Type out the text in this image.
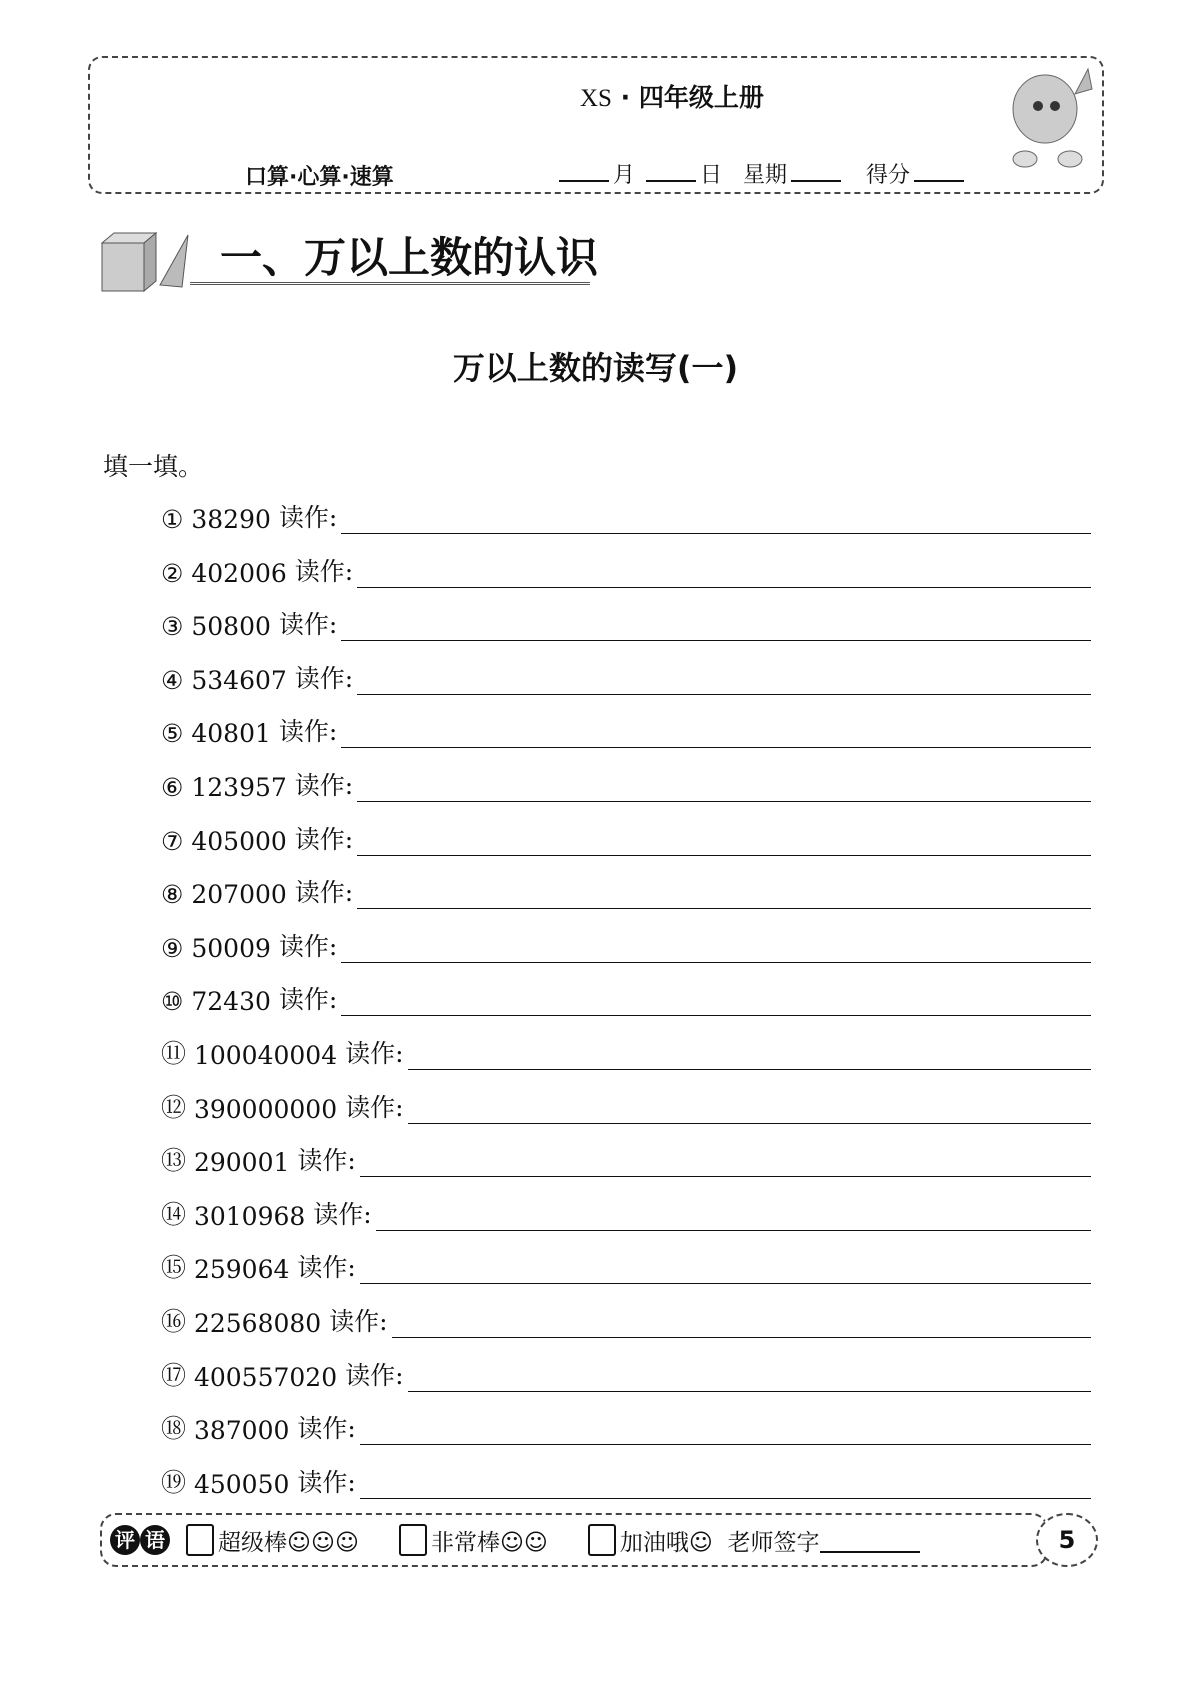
XS · 四年级上册
口算·心算·速算	月	日 星期	得分
一、万以上数的认识
万以上数的读写(一)
填一填。
①
38290
读作:
②
402006
读作:
③
50800
读作:
④
534607
读作:
⑤
40801
读作:
⑥
123957
读作:
⑦
405000
读作:
⑧
207000
读作:
⑨
50009
读作:
⑩
72430
读作:
⑪
100040004
读作:
⑫
390000000
读作:
⑬
290001
读作:
⑭
3010968
读作:
⑮
259064
读作:
⑯
22568080
读作:
⑰
400557020
读作:
⑱
387000
读作:
⑲
450050
读作:
评 语 超级棒☺☺☺	非常棒☺☺	加油哦☺
老师签字	5
